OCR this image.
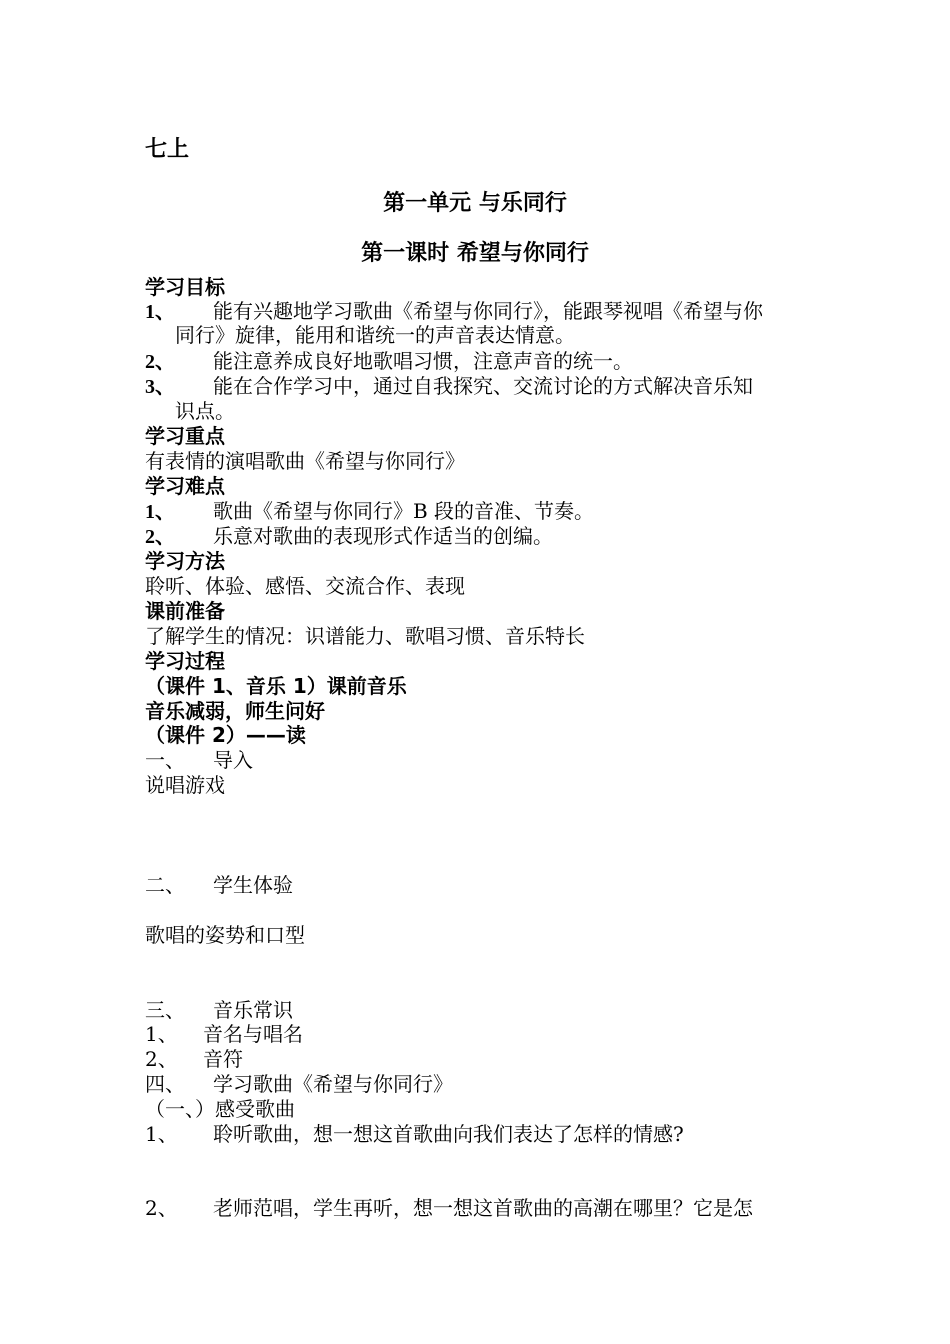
七上
第一单元 与乐同行
第一课时 希望与你同行
学习目标
1、 能有兴趣地学习歌曲《希望与你同行》，能跟琴视唱《希望与你
同行》旋律，能用和谐统一的声音表达情意。
2、 能注意养成良好地歌唱习惯，注意声音的统一。
3、 能在合作学习中，通过自我探究、交流讨论的方式解决音乐知
识点。
学习重点
有表情的演唱歌曲《希望与你同行》
学习难点
1、 歌曲《希望与你同行》B 段的音准、节奏。
2、 乐意对歌曲的表现形式作适当的创编。
学习方法
聆听、体验、感悟、交流合作、表现
课前准备
了解学生的情况：识谱能力、歌唱习惯、音乐特长
学习过程
（课件 1、音乐 1）课前音乐
音乐减弱，师生问好
（课件 2）——读
一、 导入
说唱游戏
二、 学生体验
歌唱的姿势和口型
三、 音乐常识
1、 音名与唱名
2、 音符
四、 学习歌曲《希望与你同行》
（一、）感受歌曲
1、 聆听歌曲，想一想这首歌曲向我们表达了怎样的情感?
2、 老师范唱，学生再听，想一想这首歌曲的高潮在哪里？它是怎
